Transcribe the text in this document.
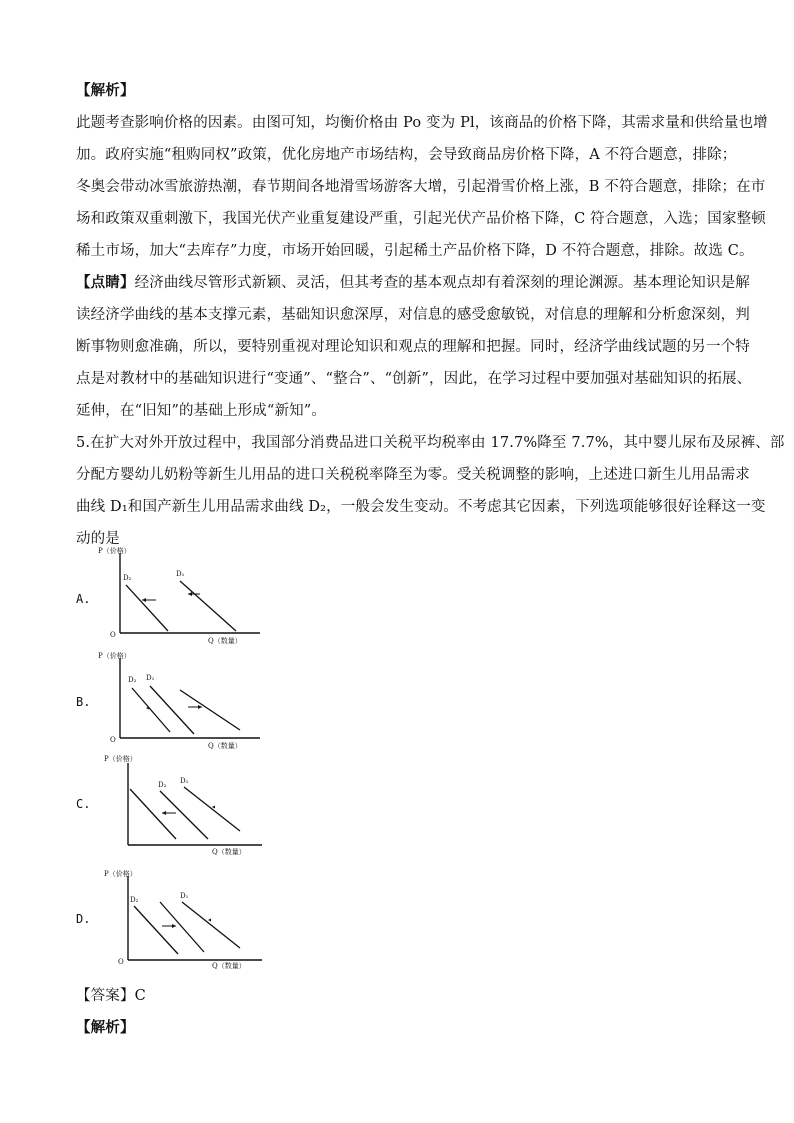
【解析】
此题考查影响价格的因素。由图可知，均衡价格由 Po 变为 Pl，该商品的价格下降，其需求量和供给量也增
加。政府实施“租购同权”政策，优化房地产市场结构，会导致商品房价格下降，A 不符合题意，排除；
冬奥会带动冰雪旅游热潮，春节期间各地滑雪场游客大增，引起滑雪价格上涨，B 不符合题意，排除；在市
场和政策双重刺激下，我国光伏产业重复建设严重，引起光伏产品价格下降，C 符合题意，入选；国家整顿
稀土市场，加大“去库存”力度，市场开始回暖，引起稀土产品价格下降，D 不符合题意，排除。故选 C。
【点睛】经济曲线尽管形式新颖、灵活，但其考查的基本观点却有着深刻的理论渊源。基本理论知识是解
读经济学曲线的基本支撑元素，基础知识愈深厚，对信息的感受愈敏锐，对信息的理解和分析愈深刻，判
断事物则愈准确，所以，要特别重视对理论知识和观点的理解和把握。同时，经济学曲线试题的另一个特
点是对教材中的基础知识进行“变通”、“整合”、“创新”，因此，在学习过程中要加强对基础知识的拓展、
延伸，在“旧知”的基础上形成“新知”。
5.在扩大对外开放过程中，我国部分消费品进口关税平均税率由 17.7%降至 7.7%，其中婴儿尿布及尿裤、部
分配方婴幼儿奶粉等新生儿用品的进口关税税率降至为零。受关税调整的影响，上述进口新生儿用品需求
曲线 D₁和国产新生儿用品需求曲线 D₂，一般会发生变动。不考虑其它因素，下列选项能够很好诠释这一变
动的是
A.
P（价格）
Q（数量）
O
D₂	D₁
B.
P（价格）
Q（数量）
O
D₂ D₁
C.
P（价格）
Q（数量）
D₂ D₁
D.
P（价格）
Q（数量）
O
D₂	D₁
【答案】C
【解析】
